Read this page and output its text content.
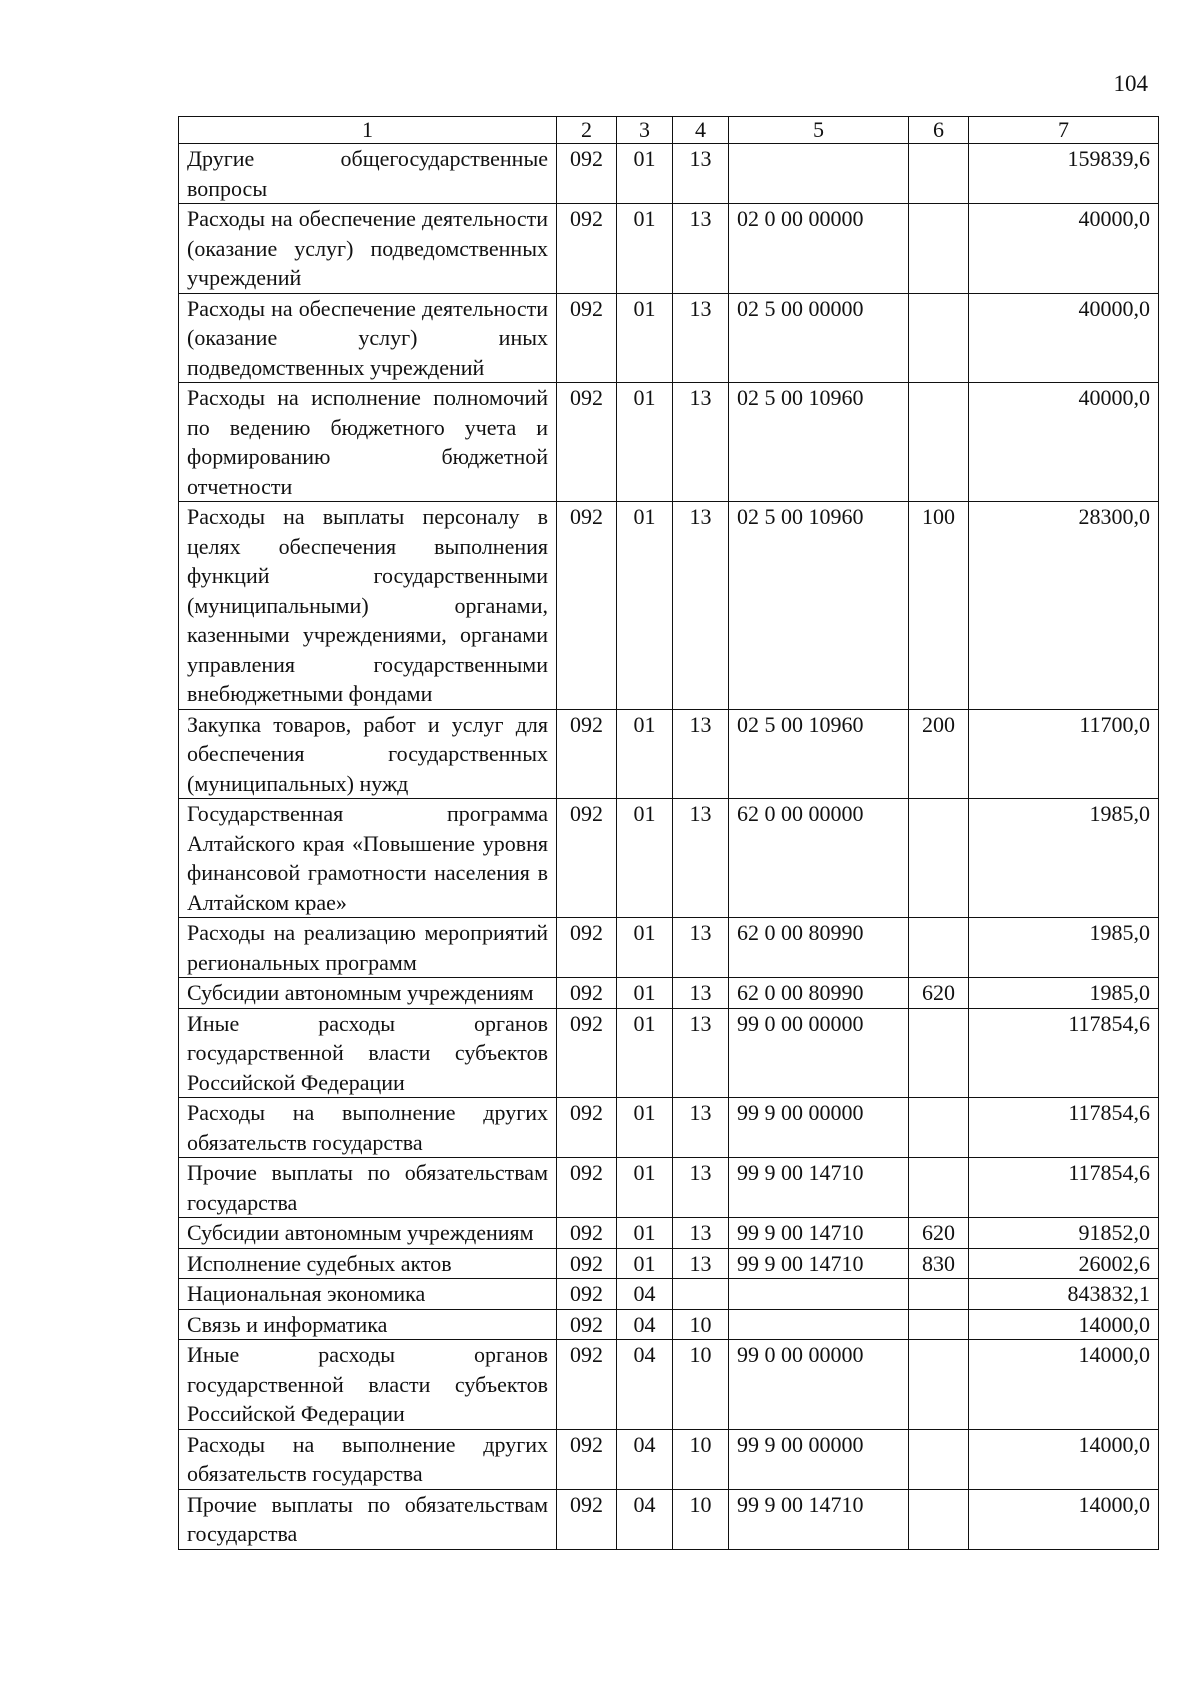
104
1	2	3	4	5	6	7
Другие общегосударственные вопросы	092	01	13			159839,6
Расходы на обеспечение деятельности (оказание услуг) подведомственных учреждений	092	01	13	02 0 00 00000		40000,0
Расходы на обеспечение деятельности (оказание услуг) иных подведомственных учреждений	092	01	13	02 5 00 00000		40000,0
Расходы на исполнение полномочий по ведению бюджетного учета и формированию бюджетной отчетности	092	01	13	02 5 00 10960		40000,0
Расходы на выплаты персоналу в целях обеспечения выполнения функций государственными (муниципальными) органами, казенными учреждениями, органами управления государственными внебюджетными фондами	092	01	13	02 5 00 10960	100	28300,0
Закупка товаров, работ и услуг для обеспечения государственных (муниципальных) нужд	092	01	13	02 5 00 10960	200	11700,0
Государственная программа Алтайского края «Повышение уровня финансовой грамотности населения в Алтайском крае»	092	01	13	62 0 00 00000		1985,0
Расходы на реализацию мероприятий региональных программ	092	01	13	62 0 00 80990		1985,0
Субсидии автономным учреждениям	092	01	13	62 0 00 80990	620	1985,0
Иные расходы органов государственной власти субъектов Российской Федерации	092	01	13	99 0 00 00000		117854,6
Расходы на выполнение других обязательств государства	092	01	13	99 9 00 00000		117854,6
Прочие выплаты по обязательствам государства	092	01	13	99 9 00 14710		117854,6
Субсидии автономным учреждениям	092	01	13	99 9 00 14710	620	91852,0
Исполнение судебных актов	092	01	13	99 9 00 14710	830	26002,6
Национальная экономика	092	04				843832,1
Связь и информатика	092	04	10			14000,0
Иные расходы органов государственной власти субъектов Российской Федерации	092	04	10	99 0 00 00000		14000,0
Расходы на выполнение других обязательств государства	092	04	10	99 9 00 00000		14000,0
Прочие выплаты по обязательствам государства	092	04	10	99 9 00 14710		14000,0
